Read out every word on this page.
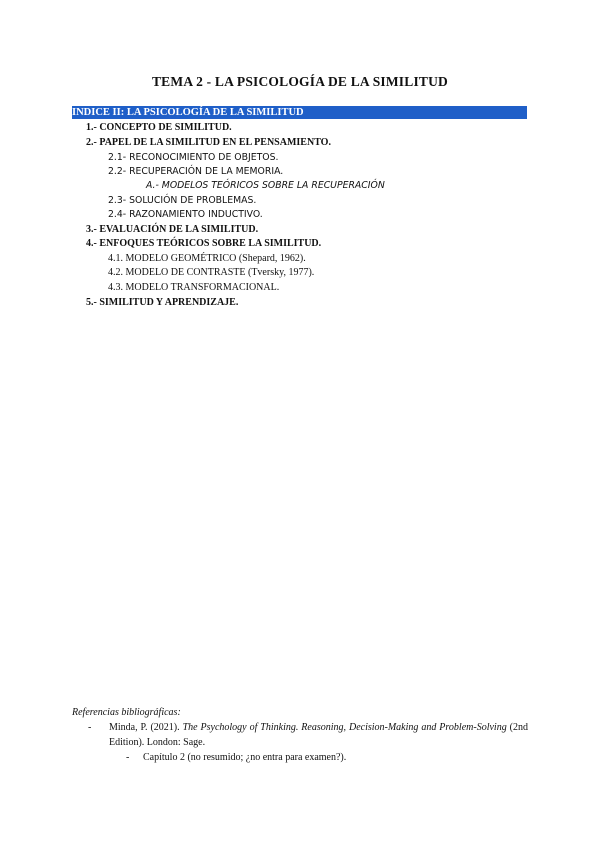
TEMA 2 - LA PSICOLOGÍA DE LA SIMILITUD
INDICE II: LA PSICOLOGÍA DE LA SIMILITUD
1.- CONCEPTO DE SIMILITUD.
2.- PAPEL DE LA SIMILITUD EN EL PENSAMIENTO.
2.1- RECONOCIMIENTO DE OBJETOS.
2.2- RECUPERACIÓN DE LA MEMORIA.
A.- MODELOS TEÓRICOS SOBRE LA RECUPERACIÓN
2.3- SOLUCIÓN DE PROBLEMAS.
2.4- RAZONAMIENTO INDUCTIVO.
3.- EVALUACIÓN DE LA SIMILITUD.
4.- ENFOQUES TEÓRICOS SOBRE LA SIMILITUD.
4.1. MODELO GEOMÉTRICO (Shepard, 1962).
4.2. MODELO DE CONTRASTE (Tversky, 1977).
4.3. MODELO TRANSFORMACIONAL.
5.- SIMILITUD Y APRENDIZAJE.
Referencias bibliográficas:
- Minda, P. (2021). The Psychology of Thinking. Reasoning, Decision-Making and Problem-Solving (2nd Edition). London: Sage.
- Capítulo 2 (no resumido; ¿no entra para examen?).
